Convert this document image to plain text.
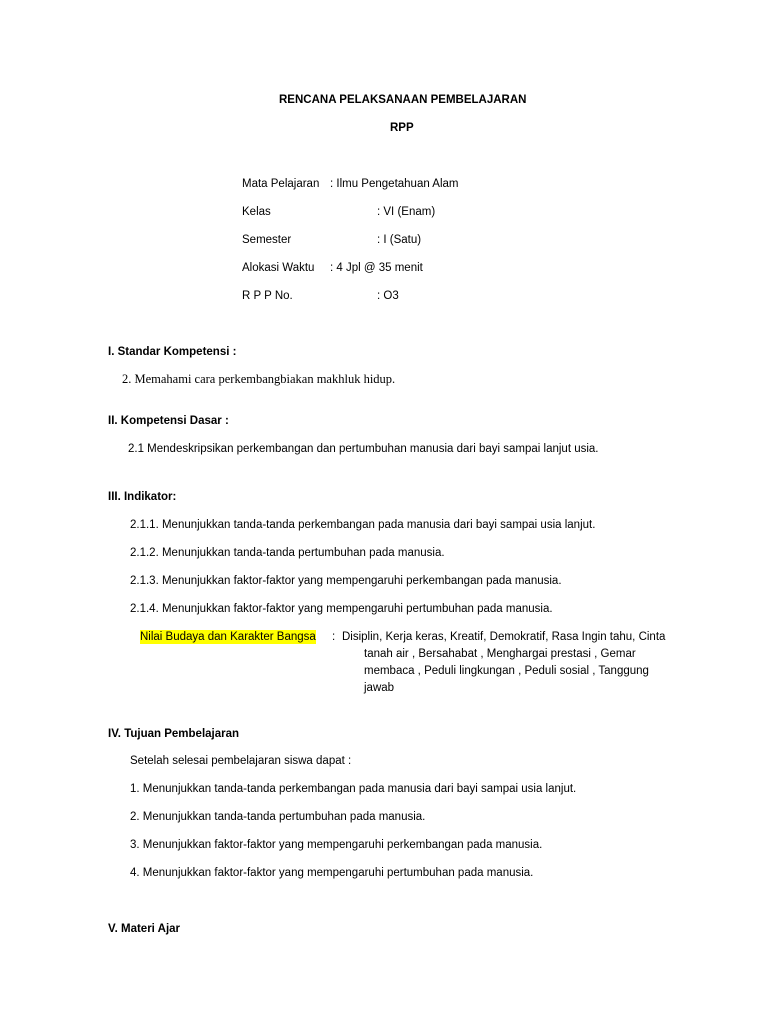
RENCANA PELAKSANAAN PEMBELAJARAN
RPP
Mata Pelajaran : Ilmu Pengetahuan Alam
Kelas	: VI (Enam)
Semester	: I (Satu)
Alokasi Waktu : 4 Jpl @ 35 menit
R P P No.	: O3
I. Standar Kompetensi :
2. Memahami cara perkembangbiakan makhluk hidup.
II. Kompetensi Dasar :
2.1 Mendeskripsikan perkembangan dan pertumbuhan manusia dari bayi sampai lanjut usia.
III. Indikator:
2.1.1. Menunjukkan tanda-tanda perkembangan pada manusia dari bayi sampai usia lanjut.
2.1.2. Menunjukkan tanda-tanda pertumbuhan pada manusia.
2.1.3. Menunjukkan faktor-faktor yang mempengaruhi perkembangan pada manusia.
2.1.4. Menunjukkan faktor-faktor yang mempengaruhi pertumbuhan pada manusia.
Nilai Budaya dan Karakter Bangsa : Disiplin, Kerja keras, Kreatif, Demokratif, Rasa Ingin tahu, Cinta
tanah air , Bersahabat , Menghargai prestasi , Gemar
membaca , Peduli lingkungan , Peduli sosial , Tanggung
jawab
IV. Tujuan Pembelajaran
Setelah selesai pembelajaran siswa dapat :
1. Menunjukkan tanda-tanda perkembangan pada manusia dari bayi sampai usia lanjut.
2. Menunjukkan tanda-tanda pertumbuhan pada manusia.
3. Menunjukkan faktor-faktor yang mempengaruhi perkembangan pada manusia.
4. Menunjukkan faktor-faktor yang mempengaruhi pertumbuhan pada manusia.
V. Materi Ajar
